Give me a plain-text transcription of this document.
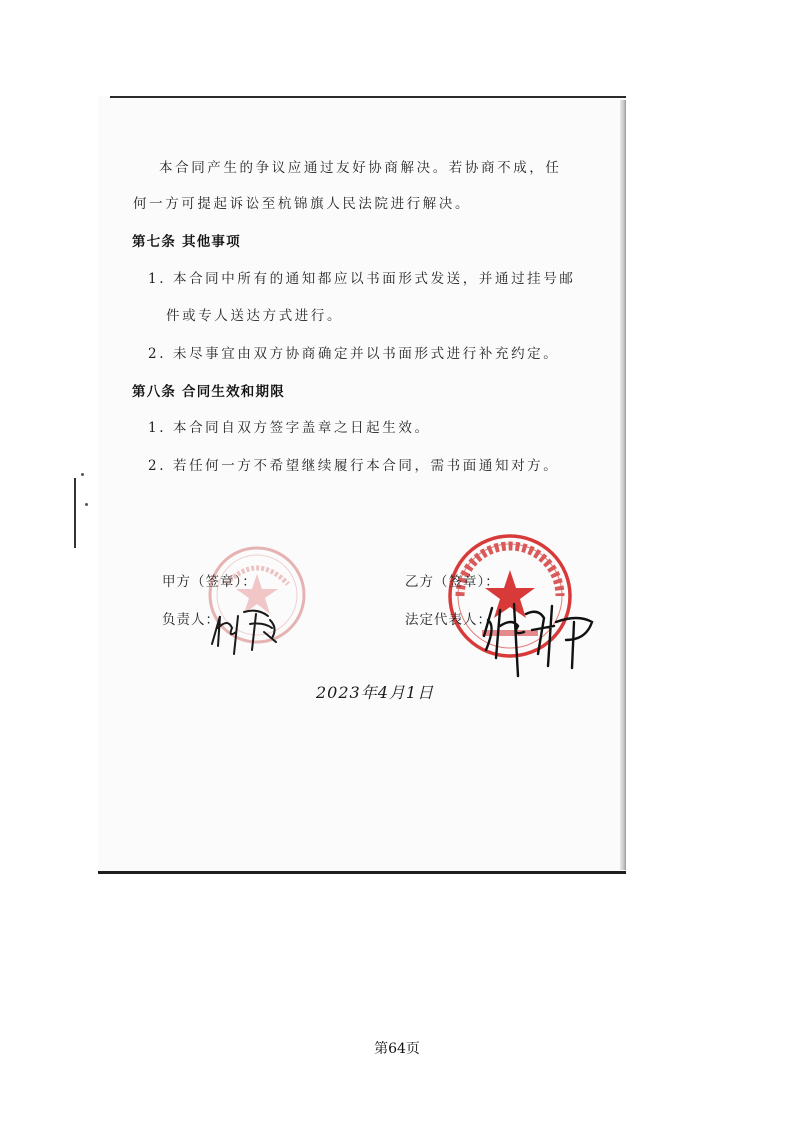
本合同产生的争议应通过友好协商解决。若协商不成，任
何一方可提起诉讼至杭锦旗人民法院进行解决。
第七条 其他事项
1. 本合同中所有的通知都应以书面形式发送，并通过挂号邮
件或专人送达方式进行。
2. 未尽事宜由双方协商确定并以书面形式进行补充约定。
第八条 合同生效和期限
1. 本合同自双方签字盖章之日起生效。
2. 若任何一方不希望继续履行本合同，需书面通知对方。
甲方（签章）：
负责人：
乙方（签章）：
法定代表人：
2023年4月1日
第64页
